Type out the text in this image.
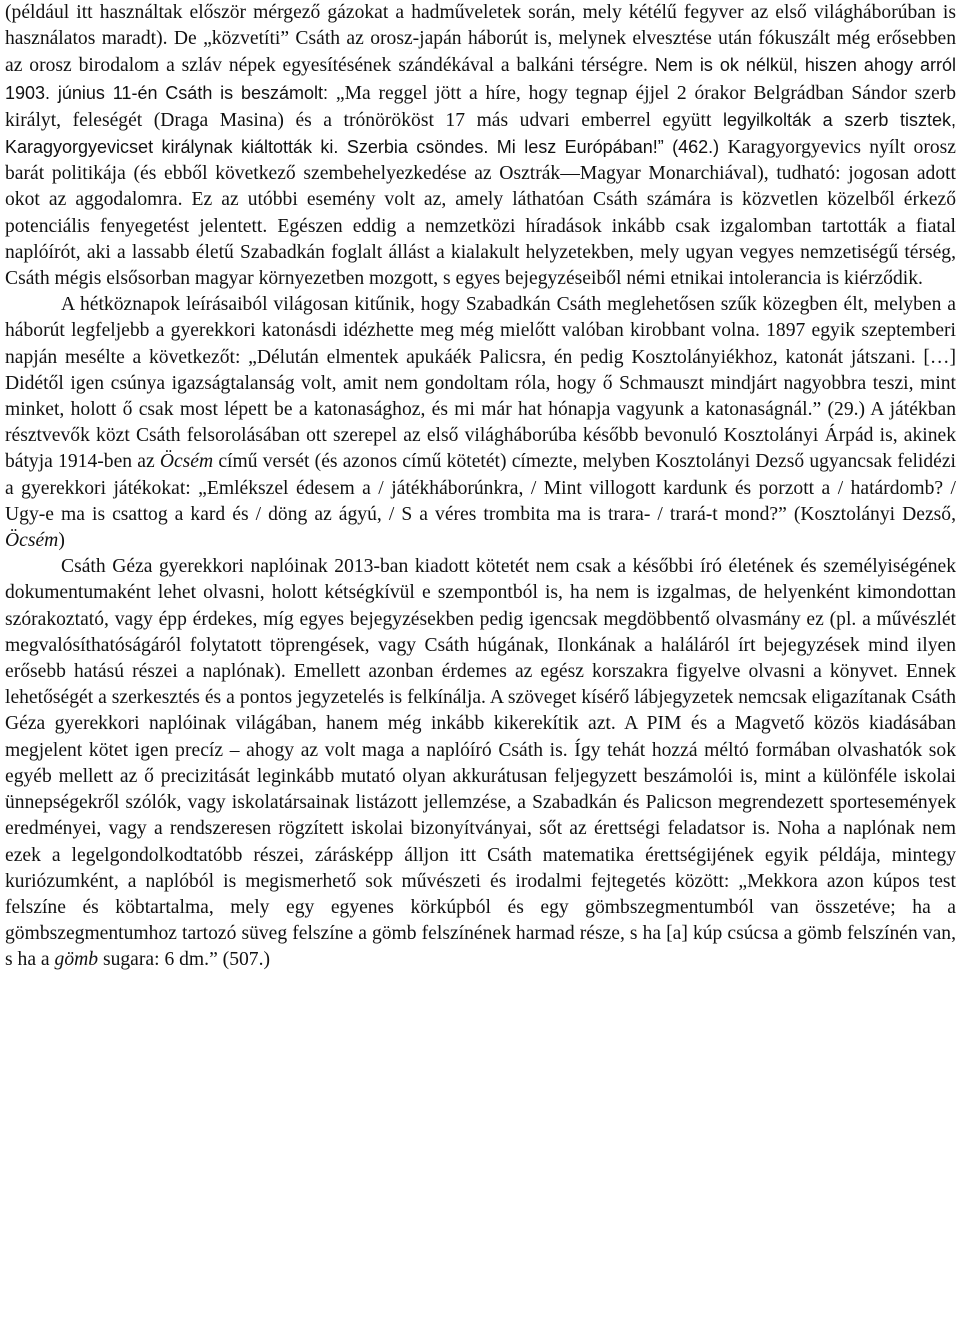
(például itt használtak először mérgező gázokat a hadműveletek során, mely kétélű fegyver az első világháborúban is használatos maradt). De „közvetíti” Csáth az orosz-japán háborút is, melynek elvesztése után fókuszált még erősebben az orosz birodalom a szláv népek egyesítésének szándékával a balkáni térségre. Nem is ok nélkül, hiszen ahogy arról 1903. június 11-én Csáth is beszámolt: „Ma reggel jött a híre, hogy tegnap éjjel 2 órakor Belgrádban Sándor szerb királyt, feleségét (Draga Masina) és a trónörököst 17 más udvari emberrel együtt legyilkolták a szerb tisztek, Karagyorgyevicset királynak kiáltották ki. Szerbia csöndes. Mi lesz Európában!” (462.) Karagyorgyevics nyílt orosz barát politikája (és ebből következő szembehelyezkedése az Osztrák—Magyar Monarchiával), tudható: jogosan adott okot az aggodalomra. Ez az utóbbi esemény volt az, amely láthatóan Csáth számára is közvetlen közelből érkező potenciális fenyegetést jelentett. Egészen eddig a nemzetközi híradások inkább csak izgalomban tartották a fiatal naplóírót, aki a lassabb életű Szabadkán foglalt állást a kialakult helyzetekben, mely ugyan vegyes nemzetiségű térség, Csáth mégis elsősorban magyar környezetben mozgott, s egyes bejegyzéseiből némi etnikai intolerancia is kiérződik.

A hétköznapok leírásaiból világosan kitűnik, hogy Szabadkán Csáth meglehetősen szűk közegben élt, melyben a háborút legfeljebb a gyerekkori katonásdi idézhette meg még mielőtt valóban kirobbant volna. 1897 egyik szeptemberi napján mesélte a következőt: „Délután elmentek apukáék Palicsra, én pedig Kosztolányiékhoz, katonát játszani. […] Didétől igen csúnya igazságtalanság volt, amit nem gondoltam róla, hogy ő Schmauszt mindjárt nagyobbra teszi, mint minket, holott ő csak most lépett be a katonasághoz, és mi már hat hónapja vagyunk a katonaságnál.” (29.) A játékban résztvevők közt Csáth felsorolásában ott szerepel az első világháborúba később bevonuló Kosztolányi Árpád is, akinek bátyja 1914-ben az Öcsém című versét (és azonos című kötetét) címezte, melyben Kosztolányi Dezső ugyancsak felidézi a gyerekkori játékokat: „Emlékszel édesem a / játékháborúnkra, / Mint villogott kardunk és porzott a / határdomb? / Ugy-e ma is csattog a kard és / döng az ágyú, / S a véres trombita ma is trara- / trará-t mond?” (Kosztolányi Dezső, Öcsém)

Csáth Géza gyerekkori naplóinak 2013-ban kiadott kötetét nem csak a későbbi író életének és személyiségének dokumentumaként lehet olvasni, holott kétségkívül e szempontból is, ha nem is izgalmas, de helyenként kimondottan szórakoztató, vagy épp érdekes, míg egyes bejegyzésekben pedig igencsak megdöbbentő olvasmány ez (pl. a művészlét megvalósíthatóságáról folytatott töprengések, vagy Csáth húgának, Ilonkának a haláláról írt bejegyzések mind ilyen erősebb hatású részei a naplónak). Emellett azonban érdemes az egész korszakra figyelve olvasni a könyvet. Ennek lehetőségét a szerkesztés és a pontos jegyzetelés is felkínálja. A szöveget kísérő lábjegyzetek nemcsak eligazítanak Csáth Géza gyerekkori naplóinak világában, hanem még inkább kikerekítik azt. A PIM és a Magvető közös kiadásában megjelent kötet igen precíz – ahogy az volt maga a naplóíró Csáth is. Így tehát hozzá méltó formában olvashatók sok egyéb mellett az ő precizitását leginkább mutató olyan akkurátusan feljegyzett beszámolói is, mint a különféle iskolai ünnepségekről szólók, vagy iskolatársainak listázott jellemzése, a Szabadkán és Palicson megrendezett sportesemények eredményei, vagy a rendszeresen rögzített iskolai bizonyítványai, sőt az érettségi feladatsor is. Noha a naplónak nem ezek a legelgondolkodtatóbb részei, zárásképp álljon itt Csáth matematika érettségijének egyik példája, mintegy kuriózumként, a naplóból is megismerhető sok művészeti és irodalmi fejtegetés között: „Mekkora azon kúpos test felszíne és köbtartalma, mely egy egyenes körkúpból és egy gömbszegmentumból van összetéve; ha a gömbszegmentumhoz tartozó süveg felszíne a gömb felszínének harmad része, s ha [a] kúp csúcsa a gömb felszínén van, s ha a gömb sugara: 6 dm.” (507.)
